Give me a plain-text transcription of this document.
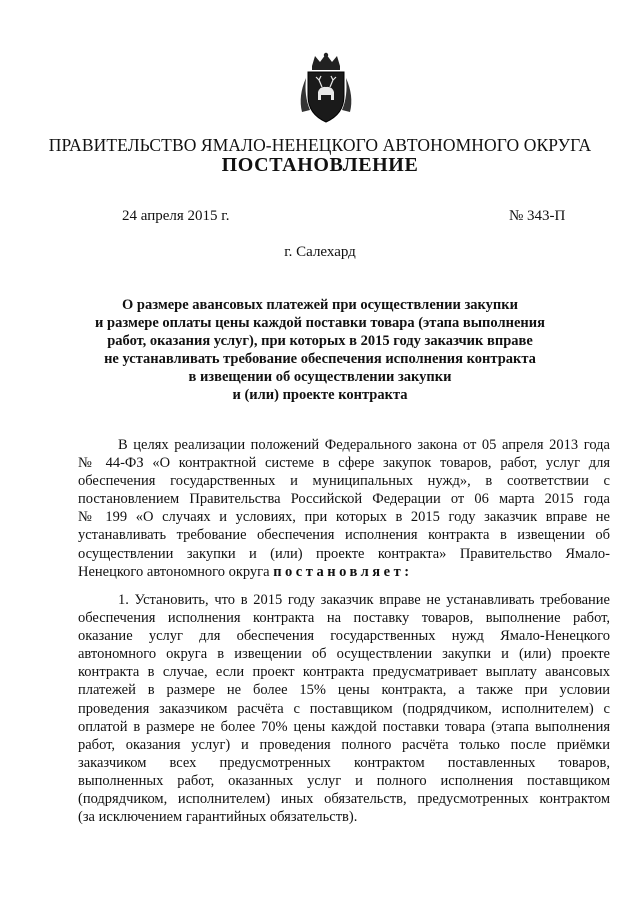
ПРАВИТЕЛЬСТВО ЯМАЛО-НЕНЕЦКОГО АВТОНОМНОГО ОКРУГА
ПОСТАНОВЛЕНИЕ
24 апреля 2015 г.	№ 343-П
г. Салехард
О размере авансовых платежей при осуществлении закупки
и размере оплаты цены каждой поставки товара (этапа выполнения
работ, оказания услуг), при которых в 2015 году заказчик вправе
не устанавливать требование обеспечения исполнения контракта
в извещении об осуществлении закупки
и (или) проекте контракта
В целях реализации положений Федерального закона от 05 апреля 2013 года
№ 44-ФЗ «О контрактной системе в сфере закупок товаров, работ, услуг для
обеспечения государственных и муниципальных нужд», в соответствии с
постановлением Правительства Российской Федерации от 06 марта 2015 года
№ 199 «О случаях и условиях, при которых в 2015 году заказчик вправе не
устанавливать требование обеспечения исполнения контракта в извещении об
осуществлении закупки и (или) проекте контракта» Правительство Ямало-
Ненецкого автономного округа постановляет:
1. Установить, что в 2015 году заказчик вправе не устанавливать требование
обеспечения исполнения контракта на поставку товаров, выполнение работ,
оказание услуг для обеспечения государственных нужд Ямало-Ненецкого
автономного округа в извещении об осуществлении закупки и (или) проекте
контракта в случае, если проект контракта предусматривает выплату авансовых
платежей в размере не более 15% цены контракта, а также при условии
проведения заказчиком расчёта с поставщиком (подрядчиком, исполнителем) с
оплатой в размере не более 70% цены каждой поставки товара (этапа выполнения
работ, оказания услуг) и проведения полного расчёта только после приёмки
заказчиком всех предусмотренных контрактом поставленных товаров,
выполненных работ, оказанных услуг и полного исполнения поставщиком
(подрядчиком, исполнителем) иных обязательств, предусмотренных контрактом
(за исключением гарантийных обязательств).
